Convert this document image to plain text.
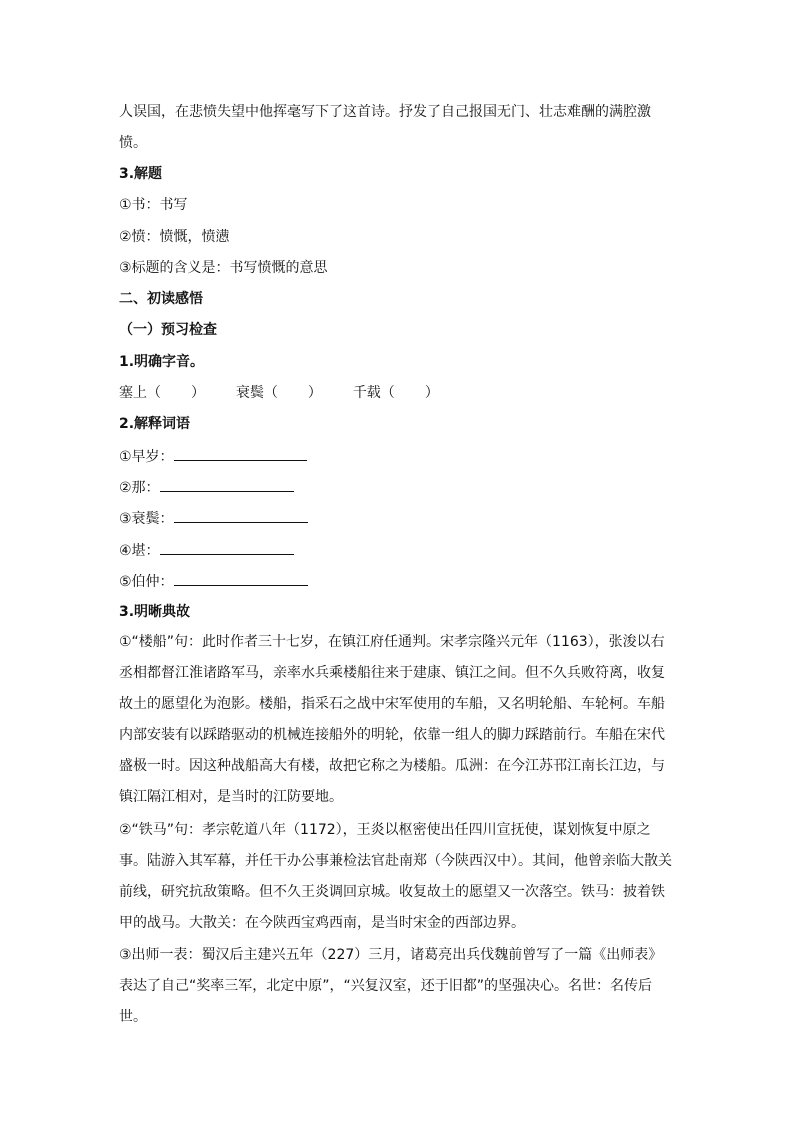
人误国，在悲愤失望中他挥毫写下了这首诗。抒发了自己报国无门、壮志难酬的满腔激
愤。
3.解题
①书：书写
②愤：愤慨，愤懑
③标题的含义是：书写愤慨的意思
二、初读感悟
（一）预习检查
1.明确字音。
塞上（ ） 衰鬓（ ） 千载（ ）
2.解释词语
①早岁：
②那：
③衰鬓：
④堪：
⑤伯仲：
3.明晰典故

①“楼船”句：此时作者三十七岁，在镇江府任通判。宋孝宗隆兴元年（1163），张浚以右

丞相都督江淮诸路军马，亲率水兵乘楼船往来于建康、镇江之间。但不久兵败符离，收复

故土的愿望化为泡影。楼船，指采石之战中宋军使用的车船，又名明轮船、车轮柯。车船

内部安装有以踩踏驱动的机械连接船外的明轮，依靠一组人的脚力踩踏前行。车船在宋代

盛极一时。因这种战船高大有楼，故把它称之为楼船。瓜洲：在今江苏邗江南长江边，与

镇江隔江相对，是当时的江防要地。

②“铁马”句：孝宗乾道八年（1172），王炎以枢密使出任四川宣抚使，谋划恢复中原之

事。陆游入其军幕，并任干办公事兼检法官赴南郑（今陕西汉中）。其间，他曾亲临大散关

前线，研究抗敌策略。但不久王炎调回京城。收复故土的愿望又一次落空。铁马：披着铁

甲的战马。大散关：在今陕西宝鸡西南，是当时宋金的西部边界。

③出师一表：蜀汉后主建兴五年（227）三月，诸葛亮出兵伐魏前曾写了一篇《出师表》

表达了自己“奖率三军，北定中原”，“兴复汉室，还于旧都”的坚强决心。名世：名传后

世。
